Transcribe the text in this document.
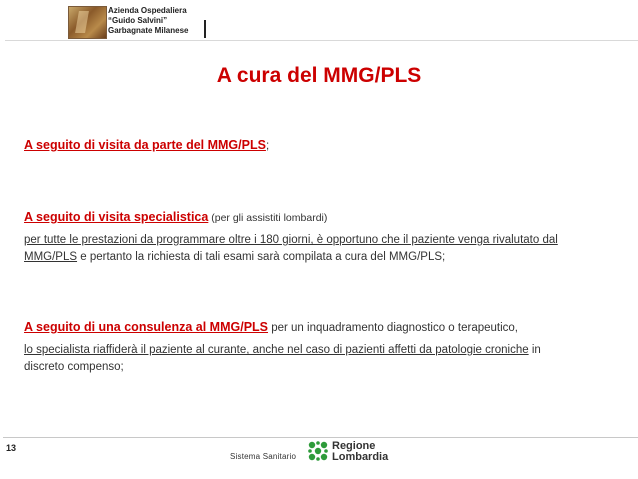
Azienda Ospedaliera
“Guido Salvini”
Garbagnate Milanese
A cura del MMG/PLS
A seguito di visita da parte del MMG/PLS;
A seguito di visita specialistica (per gli assistiti lombardi)
per tutte le prestazioni da programmare oltre i 180 giorni, è opportuno che il paziente venga rivalutato dal
MMG/PLS e pertanto la richiesta di tali esami sarà compilata a cura del MMG/PLS;
A seguito di una consulenza al MMG/PLS per un inquadramento diagnostico o terapeutico,
lo specialista riaffiderà il paziente al curante, anche nel caso di pazienti affetti da patologie croniche in
discreto compenso;
13
Sistema Sanitario
Regione
Lombardia
